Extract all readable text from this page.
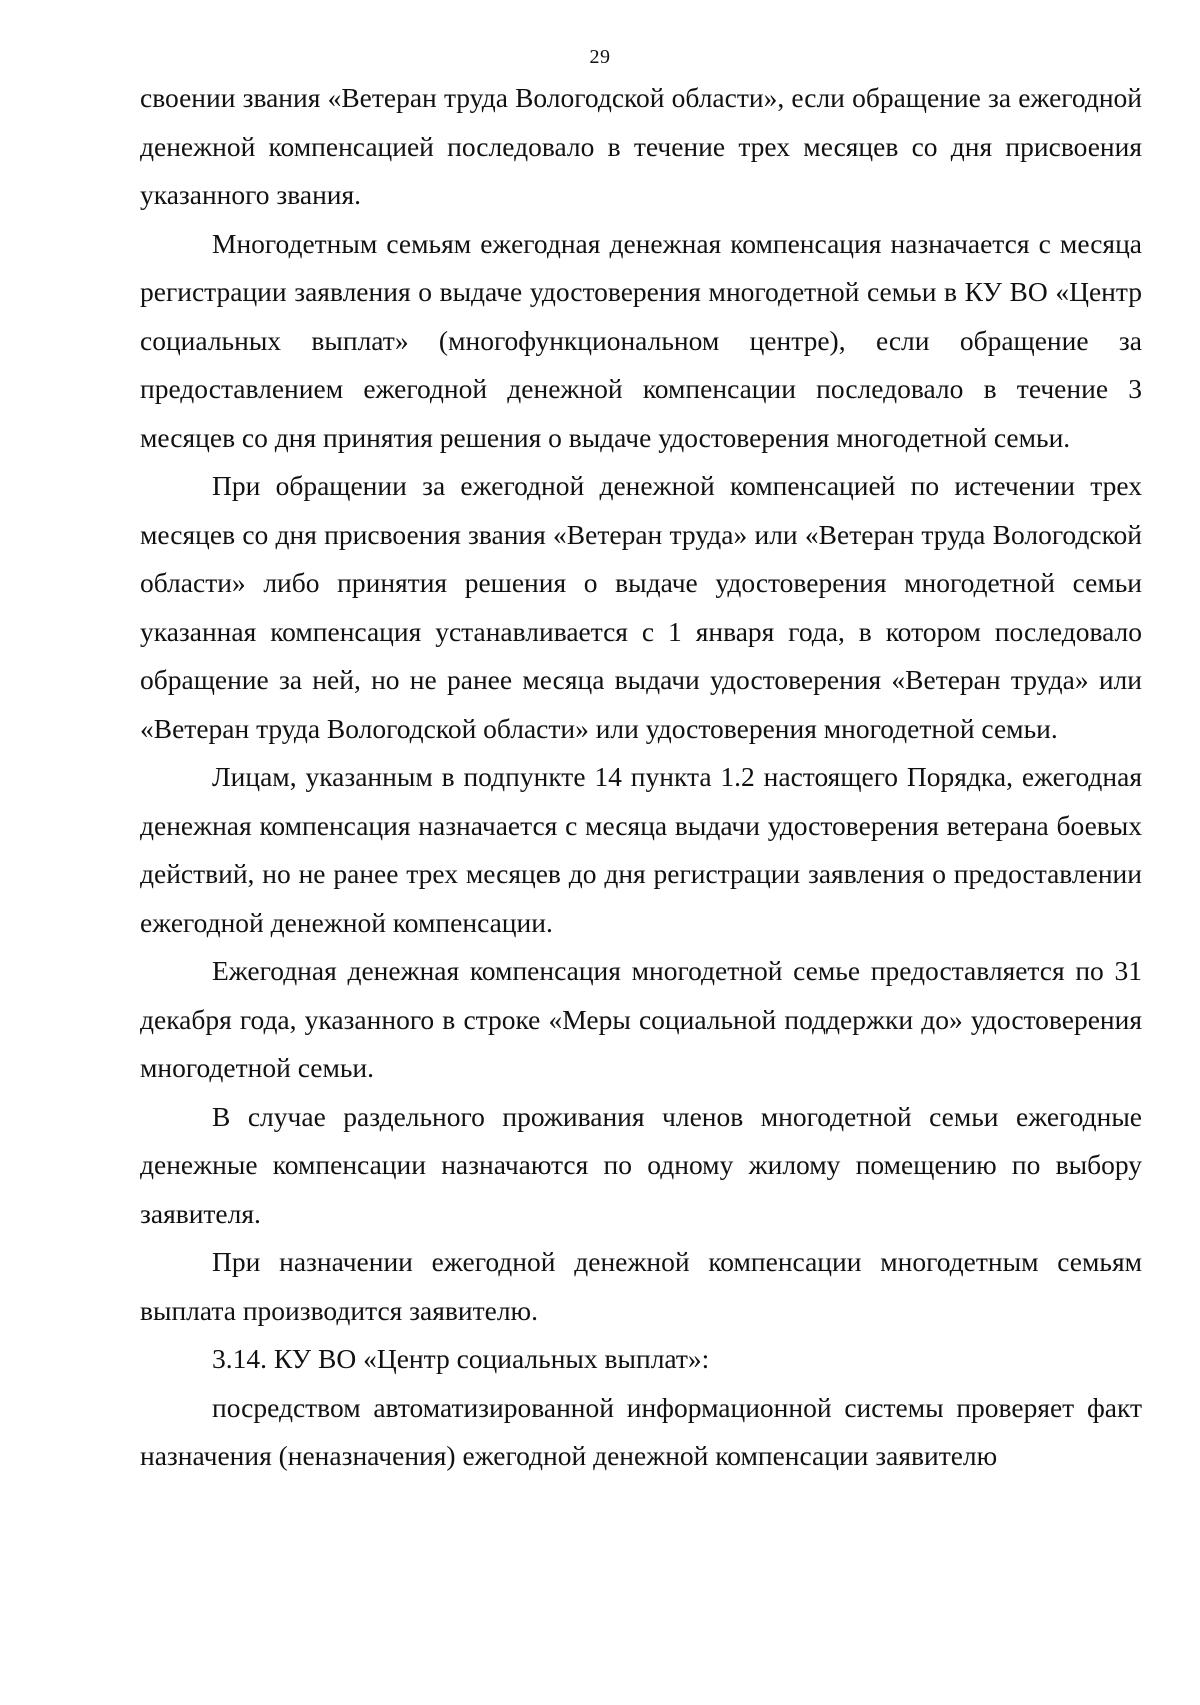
29

своении звания «Ветеран труда Вологодской области», если обращение за ежегодной денежной компенсацией последовало в течение трех месяцев со дня присвоения указанного звания.

Многодетным семьям ежегодная денежная компенсация назначается с месяца регистрации заявления о выдаче удостоверения многодетной семьи в КУ ВО «Центр социальных выплат» (многофункциональном центре), если обращение за предоставлением ежегодной денежной компенсации последовало в течение 3 месяцев со дня принятия решения о выдаче удостоверения многодетной семьи.

При обращении за ежегодной денежной компенсацией по истечении трех месяцев со дня присвоения звания «Ветеран труда» или «Ветеран труда Вологодской области» либо принятия решения о выдаче удостоверения многодетной семьи указанная компенсация устанавливается с 1 января года, в котором последовало обращение за ней, но не ранее месяца выдачи удостоверения «Ветеран труда» или «Ветеран труда Вологодской области» или удостоверения многодетной семьи.

Лицам, указанным в подпункте 14 пункта 1.2 настоящего Порядка, ежегодная денежная компенсация назначается с месяца выдачи удостоверения ветерана боевых действий, но не ранее трех месяцев до дня регистрации заявления о предоставлении ежегодной денежной компенсации.

Ежегодная денежная компенсация многодетной семье предоставляется по 31 декабря года, указанного в строке «Меры социальной поддержки до» удостоверения многодетной семьи.

В случае раздельного проживания членов многодетной семьи ежегодные денежные компенсации назначаются по одному жилому помещению по выбору заявителя.

При назначении ежегодной денежной компенсации многодетным семьям выплата производится заявителю.

3.14. КУ ВО «Центр социальных выплат»:

посредством автоматизированной информационной системы проверяет факт назначения (неназначения) ежегодной денежной компенсации заявителю
